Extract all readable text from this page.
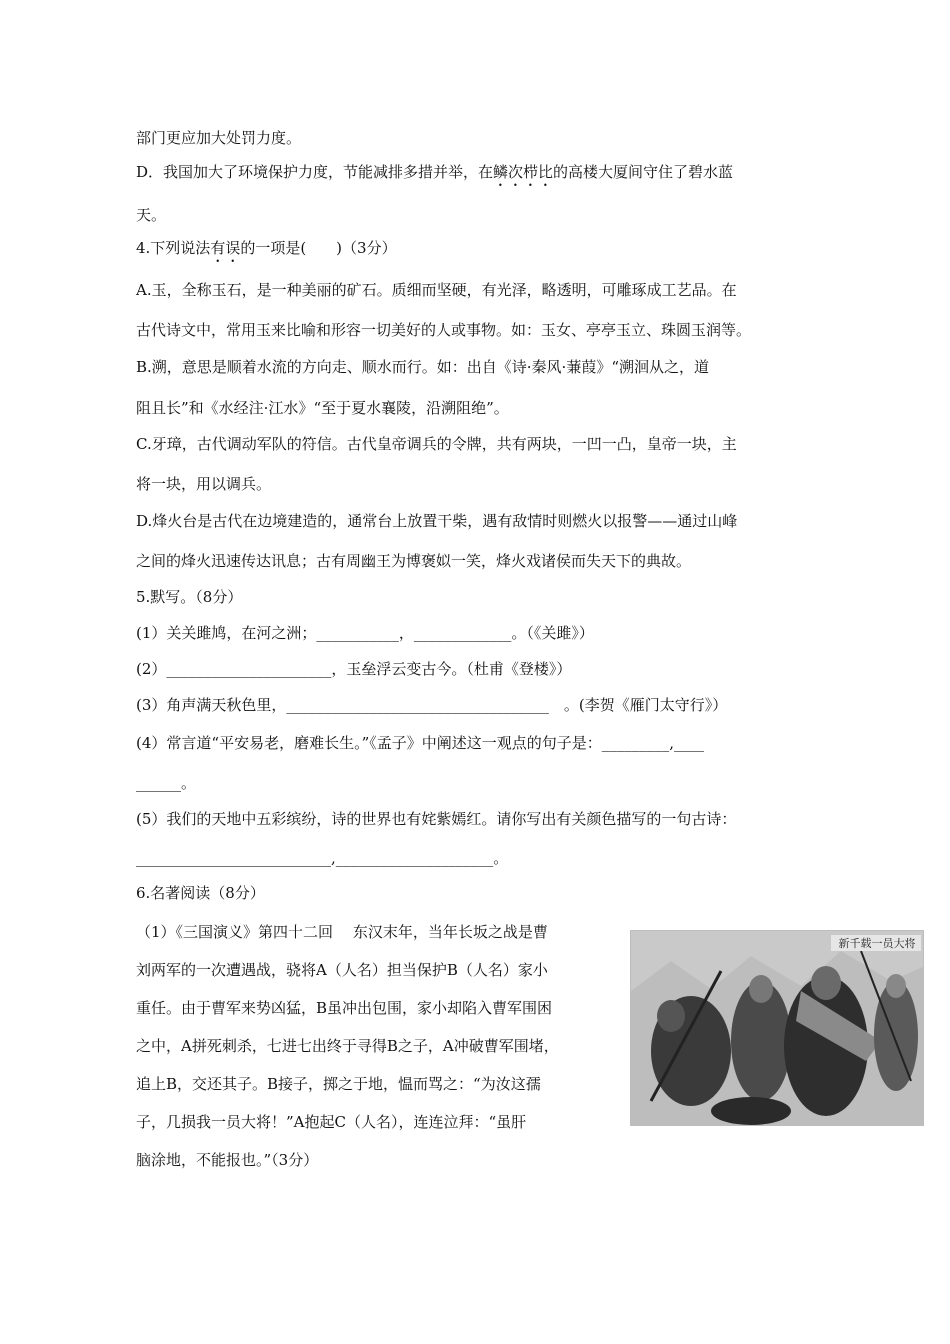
部门更应加大处罚力度。
D．我国加大了环境保护力度，节能减排多措并举，在鳞次栉比的高楼大厦间守住了碧水蓝
天。
4.下列说法有误的一项是(　　)（3分）
A.玉，全称玉石，是一种美丽的矿石。质细而坚硬，有光泽，略透明，可雕琢成工艺品。在
古代诗文中，常用玉来比喻和形容一切美好的人或事物。如：玉女、亭亭玉立、珠圆玉润等。
B.溯，意思是顺着水流的方向走、顺水而行。如：出自《诗·秦风·蒹葭》“溯洄从之，道
阻且长”和《水经注·江水》“至于夏水襄陵，沿溯阻绝”。
C.牙璋，古代调动军队的符信。古代皇帝调兵的令牌，共有两块，一凹一凸，皇帝一块，主
将一块，用以调兵。
D.烽火台是古代在边境建造的，通常台上放置干柴，遇有敌情时则燃火以报警——通过山峰
之间的烽火迅速传达讯息；古有周幽王为博褒姒一笑，烽火戏诸侯而失天下的典故。
5.默写。（8分）
(1）关关雎鸠，在河之洲；___________，_____________。（《关雎》）
(2）______________________，玉垒浮云变古今。（杜甫《登楼》）
(3）角声满天秋色里，___________________________________　。(李贺《雁门太守行》）
(4）常言道“平安易老，磨难长生。”《孟子》中阐述这一观点的句子是：_________,____
______。
(5）我们的天地中五彩缤纷，诗的世界也有姹紫嫣红。请你写出有关颜色描写的一句古诗：
__________________________,_____________________。
6.名著阅读（8分）
（1）《三国演义》第四十二回　 东汉末年，当年长坂之战是曹
刘两军的一次遭遇战，骁将A（人名）担当保护B（人名）家小
重任。由于曹军来势凶猛，B虽冲出包围，家小却陷入曹军围困
之中，A拼死刺杀，七进七出终于寻得B之子，A冲破曹军围堵，
追上B，交还其子。B接子，掷之于地，愠而骂之：“为汝这孺
子，几损我一员大将！”A抱起C（人名），连连泣拜：“虽肝
脑涂地，不能报也。”（3分）
新千载一员大将
